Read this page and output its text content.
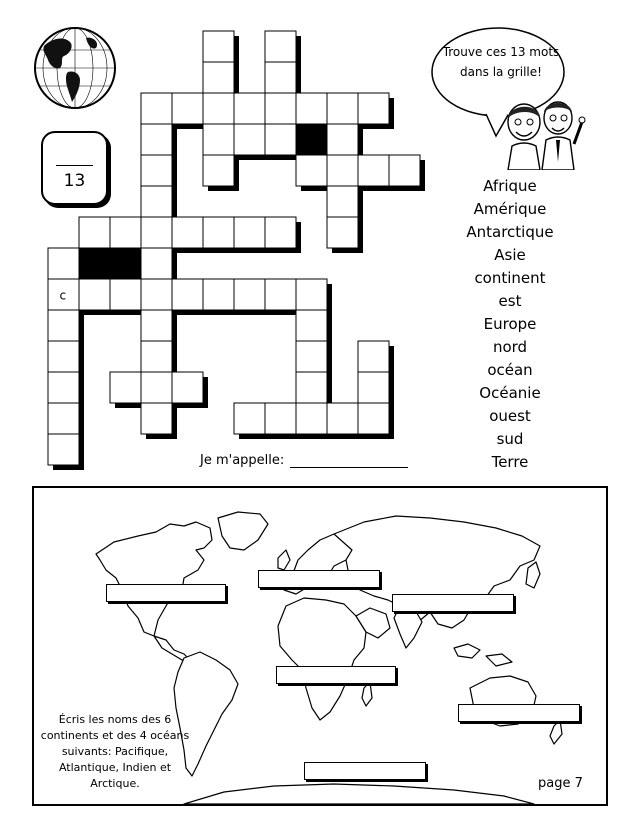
13
c
Trouve ces 13 mots dans la grille!
Afrique
Amérique
Antarctique
Asie
continent
est
Europe
nord
océan
Océanie
ouest
sud
Terre
Je m'appelle:
Écris les noms des 6 continents et des 4 océans suivants: Pacifique, Atlantique, Indien et Arctique.	page 7
